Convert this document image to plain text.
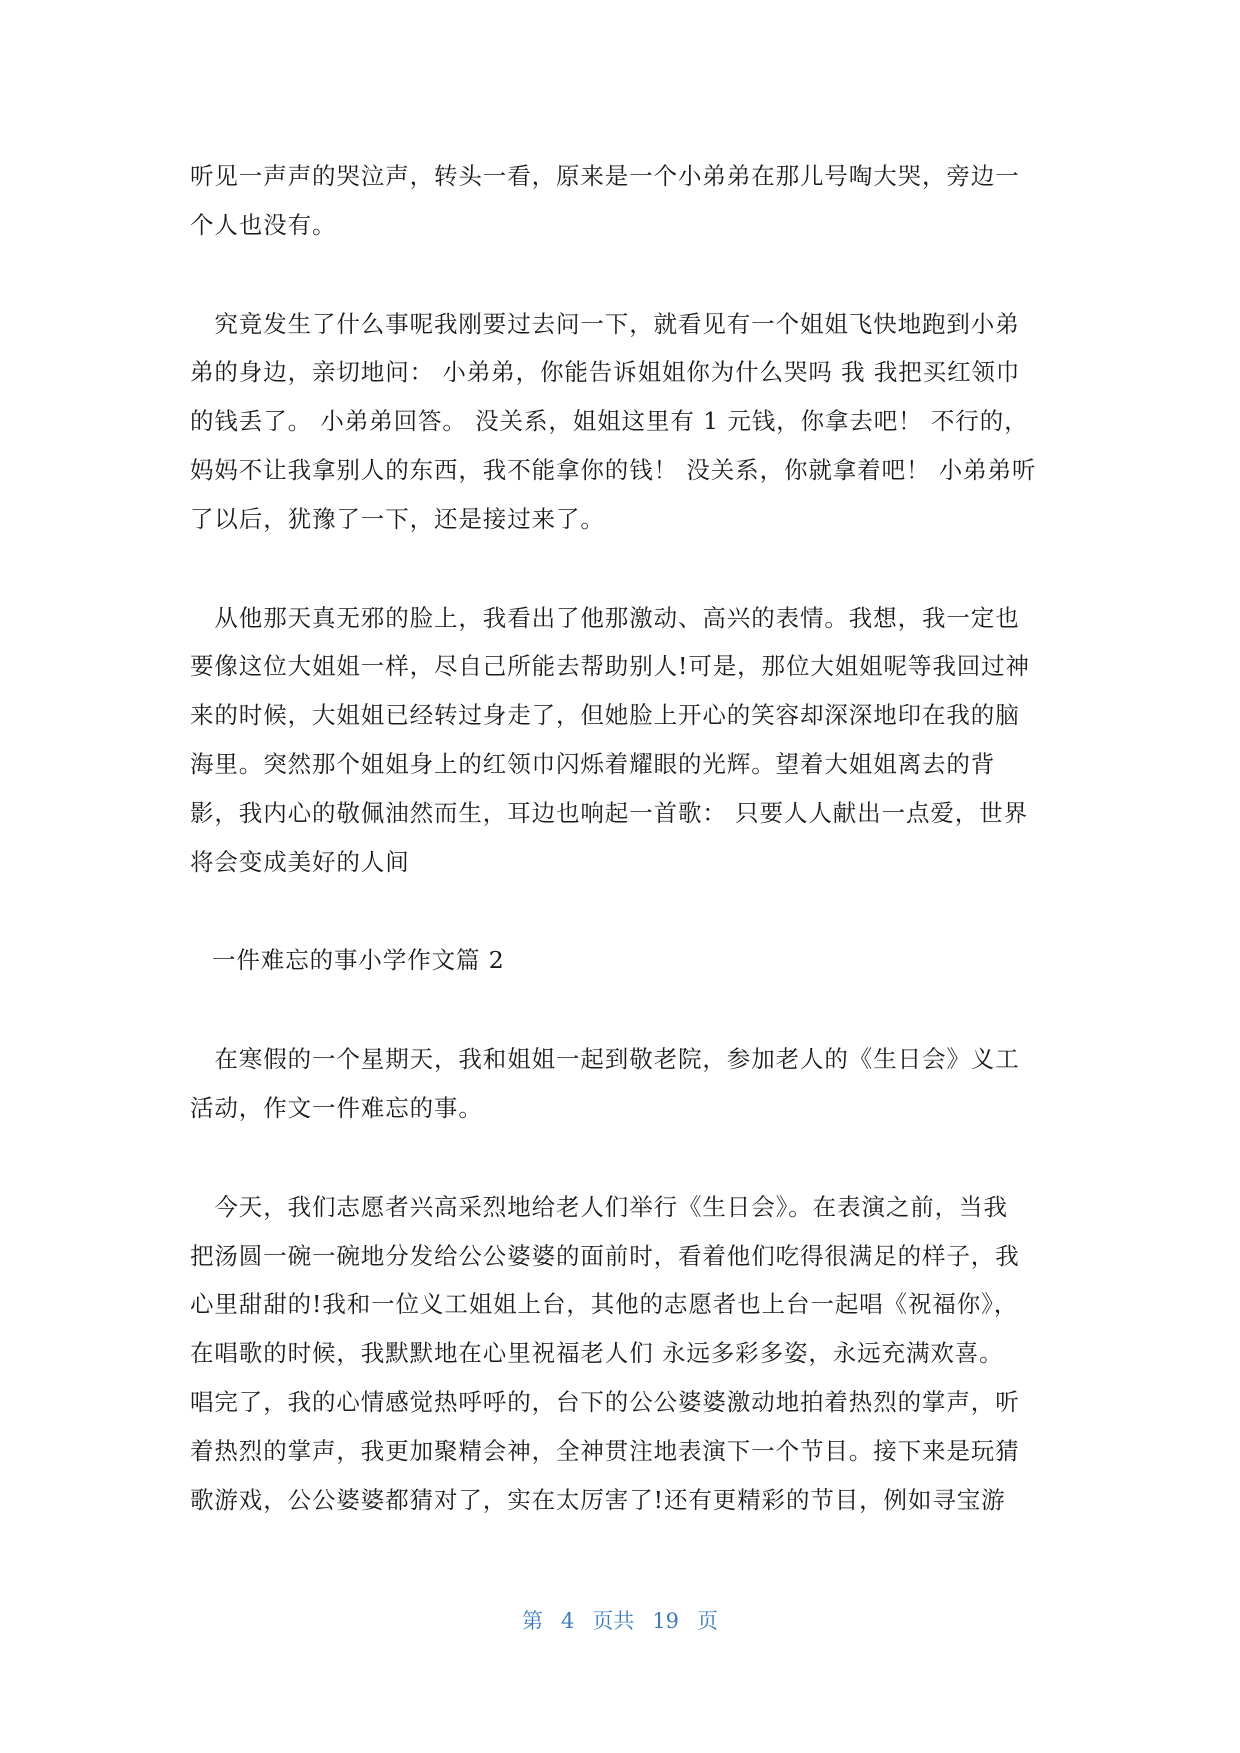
听见一声声的哭泣声，转头一看，原来是一个小弟弟在那儿号啕大哭，旁边一
个人也没有。
　究竟发生了什么事呢我刚要过去问一下，就看见有一个姐姐飞快地跑到小弟
弟的身边，亲切地问： 小弟弟，你能告诉姐姐你为什么哭吗 我 我把买红领巾
的钱丢了。 小弟弟回答。 没关系，姐姐这里有 1 元钱，你拿去吧！ 不行的，
妈妈不让我拿别人的东西，我不能拿你的钱！ 没关系，你就拿着吧！ 小弟弟听
了以后，犹豫了一下，还是接过来了。
　从他那天真无邪的脸上，我看出了他那激动、高兴的表情。我想，我一定也
要像这位大姐姐一样，尽自己所能去帮助别人!可是，那位大姐姐呢等我回过神
来的时候，大姐姐已经转过身走了，但她脸上开心的笑容却深深地印在我的脑
海里。突然那个姐姐身上的红领巾闪烁着耀眼的光辉。望着大姐姐离去的背
影，我内心的敬佩油然而生，耳边也响起一首歌： 只要人人献出一点爱，世界
将会变成美好的人间
一件难忘的事小学作文篇 2
　在寒假的一个星期天，我和姐姐一起到敬老院，参加老人的《生日会》义工
活动，作文一件难忘的事。
　今天，我们志愿者兴高采烈地给老人们举行《生日会》。在表演之前，当我
把汤圆一碗一碗地分发给公公婆婆的面前时，看着他们吃得很满足的样子，我
心里甜甜的!我和一位义工姐姐上台，其他的志愿者也上台一起唱《祝福你》，
在唱歌的时候，我默默地在心里祝福老人们 永远多彩多姿，永远充满欢喜。
唱完了，我的心情感觉热呼呼的，台下的公公婆婆激动地拍着热烈的掌声，听
着热烈的掌声，我更加聚精会神，全神贯注地表演下一个节目。接下来是玩猜
歌游戏，公公婆婆都猜对了，实在太厉害了!还有更精彩的节目，例如寻宝游
第 4 页共 19 页
